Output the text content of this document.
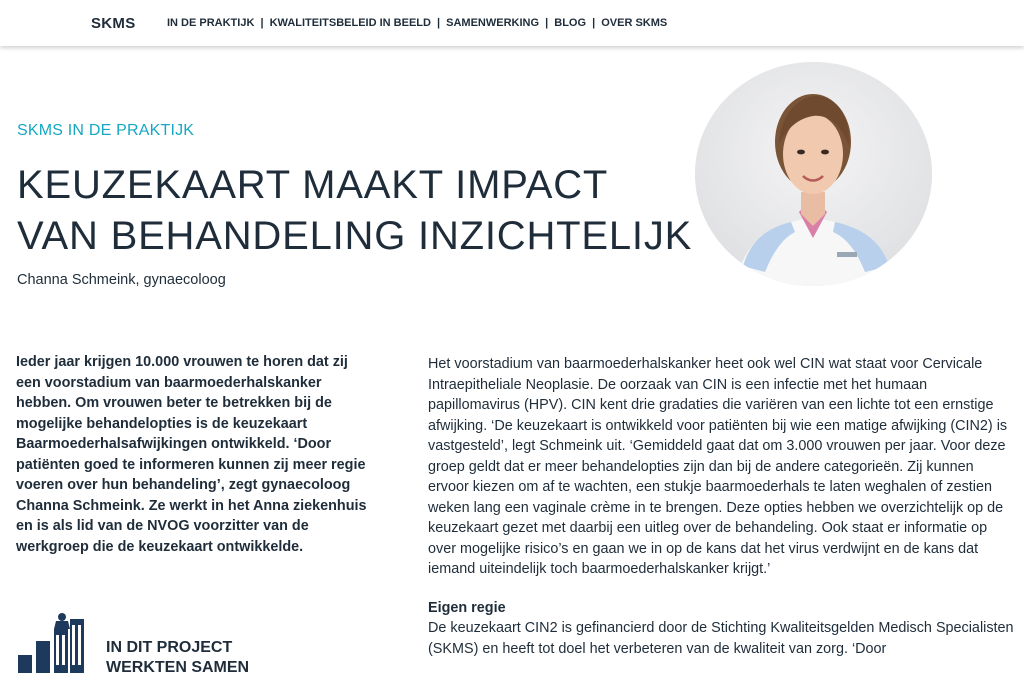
SKMS	IN DE PRAKTIJK | KWALITEITSBELEID IN BEELD | SAMENWERKING | BLOG | OVER SKMS
SKMS IN DE PRAKTIJK
KEUZEKAART MAAKT IMPACT
VAN BEHANDELING INZICHTELIJK
Channa Schmeink, gynaecoloog

Ieder jaar krijgen 10.000 vrouwen te horen dat zij een voorstadium van baarmoederhalskanker hebben. Om vrouwen beter te betrekken bij de mogelijke behandelopties is de keuzekaart Baarmoederhalsafwijkingen ontwikkeld. ‘Door patiënten goed te informeren kunnen zij meer regie voeren over hun behandeling’, zegt gynaecoloog Channa Schmeink. Ze werkt in het Anna ziekenhuis en is als lid van de NVOG voorzitter van de werkgroep die de keuzekaart ontwikkelde.

Het voorstadium van baarmoederhalskanker heet ook wel CIN wat staat voor Cervicale Intraepitheliale Neoplasie. De oorzaak van CIN is een infectie met het humaan papillomavirus (HPV). CIN kent drie gradaties die variëren van een lichte tot een ernstige afwijking. ‘De keuzekaart is ontwikkeld voor patiënten bij wie een matige afwijking (CIN2) is vastgesteld’, legt Schmeink uit. ‘Gemiddeld gaat dat om 3.000 vrouwen per jaar. Voor deze groep geldt dat er meer behandelopties zijn dan bij de andere categorieën. Zij kunnen ervoor kiezen om af te wachten, een stukje baarmoederhals te laten weghalen of zestien weken lang een vaginale crème in te brengen. Deze opties hebben we overzichtelijk op de keuzekaart gezet met daarbij een uitleg over de behandeling. Ook staat er informatie op over mogelijke risico’s en gaan we in op de kans dat het virus verdwijnt en de kans dat iemand uiteindelijk toch baarmoederhalskanker krijgt.’

Eigen regie

De keuzekaart CIN2 is gefinancierd door de Stichting Kwaliteitsgelden Medisch Specialisten (SKMS) en heeft tot doel het verbeteren van de kwaliteit van zorg. ‘Door

IN DIT PROJECT
WERKTEN SAMEN
